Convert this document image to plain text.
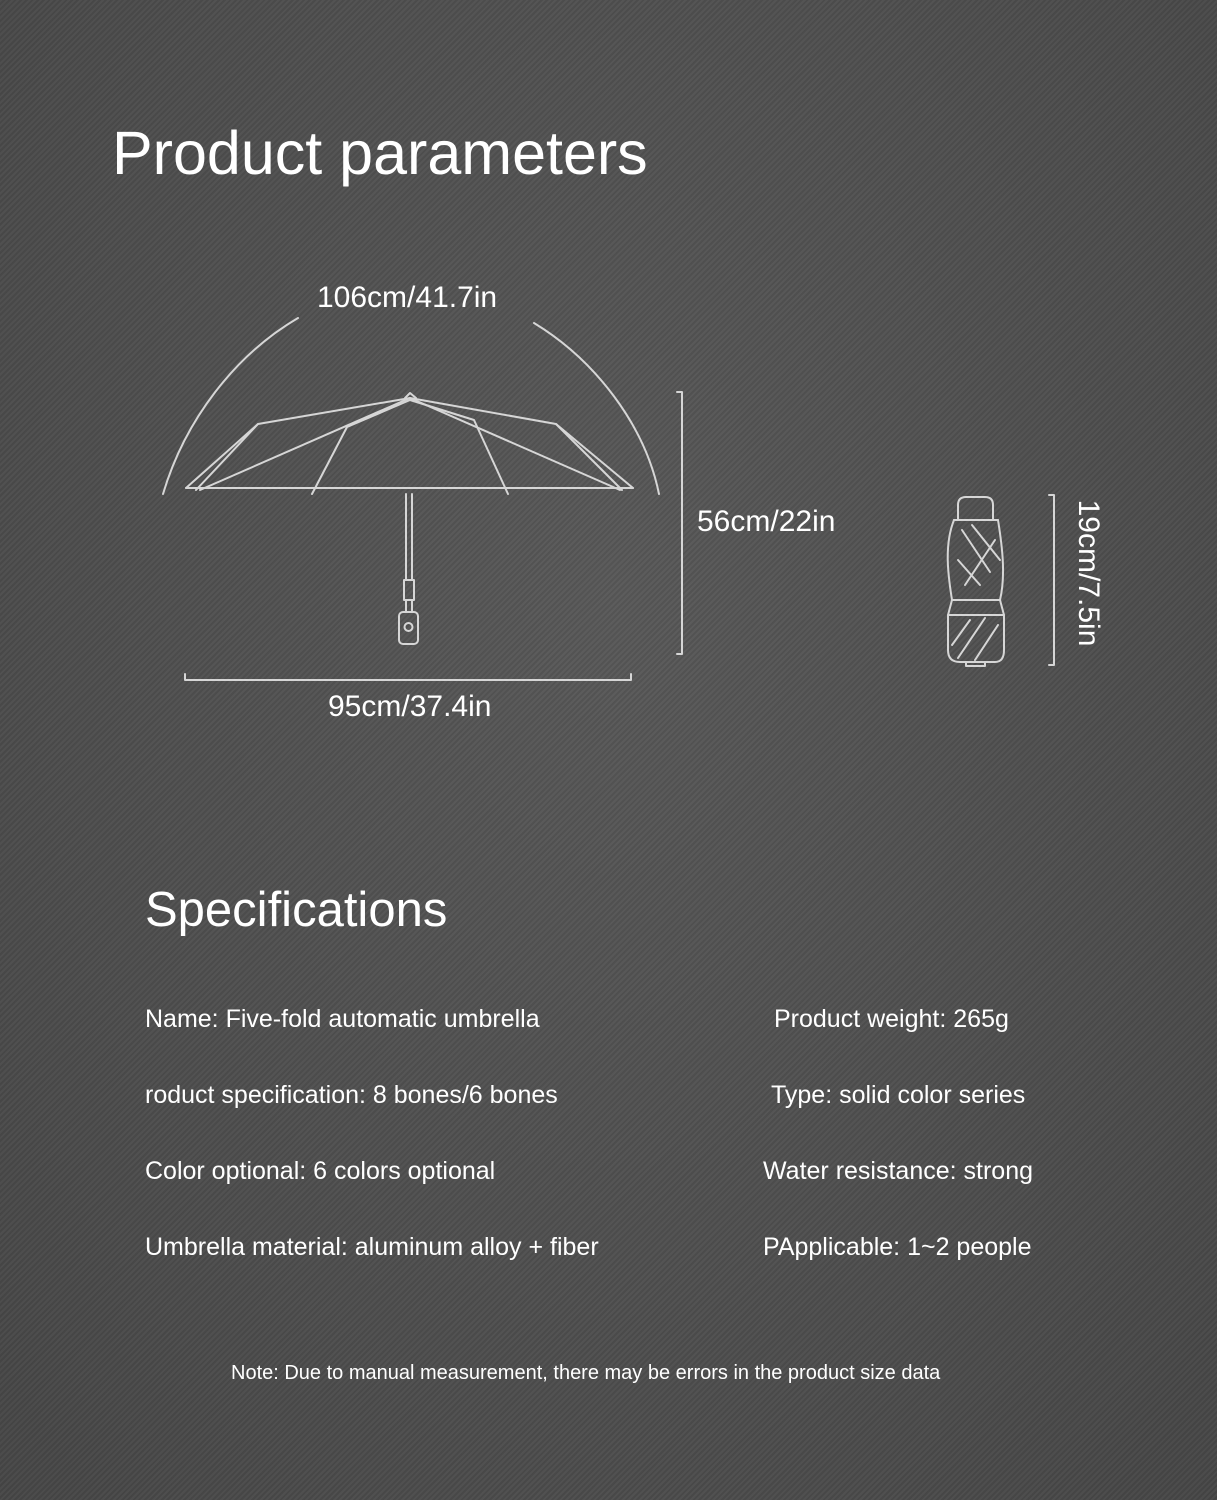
Product parameters
106cm/41.7in
95cm/37.4in
56cm/22in	19cm/7.5in
Specifications
Name: Five-fold automatic umbrella
roduct specification: 8 bones/6 bones
Color optional: 6 colors optional
Umbrella material: aluminum alloy + fiber
Product weight: 265g
Type: solid color series
Water resistance: strong
PApplicable: 1~2 people
Note: Due to manual measurement, there may be errors in the product size data
